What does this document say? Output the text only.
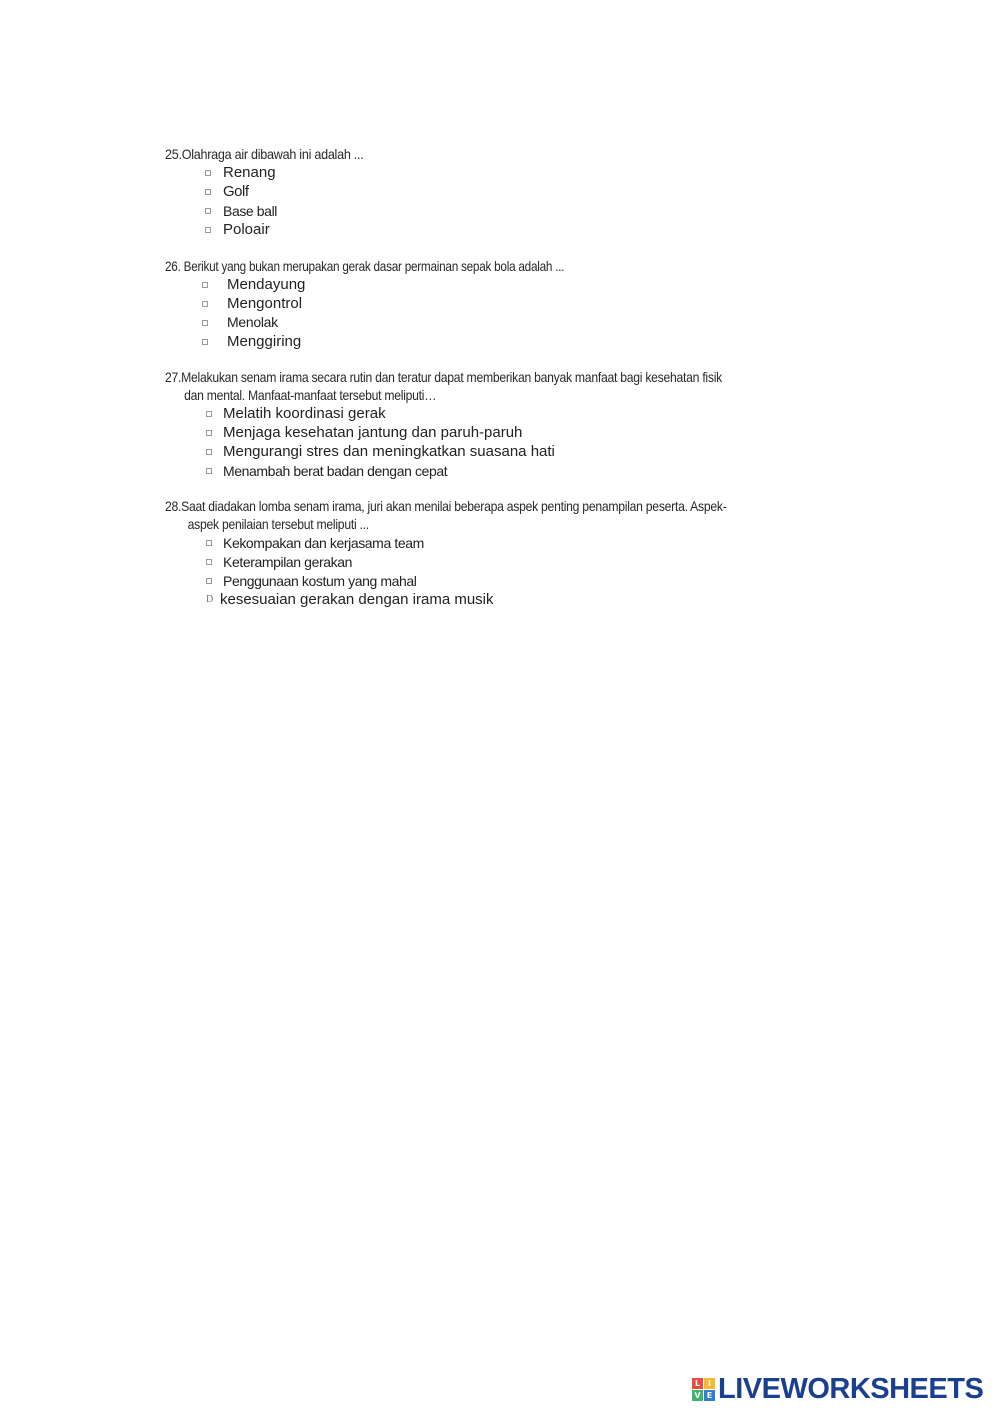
25.Olahraga air dibawah ini adalah ...
Renang
Golf
Base ball
Poloair
26. Berikut yang bukan merupakan gerak dasar permainan sepak bola adalah ...
Mendayung
Mengontrol
Menolak
Menggiring
27.Melakukan senam irama secara rutin dan teratur dapat memberikan banyak manfaat bagi kesehatan fisik
dan mental. Manfaat-manfaat tersebut meliputi…
Melatih koordinasi gerak
Menjaga kesehatan jantung dan paruh-paruh
Mengurangi stres dan meningkatkan suasana hati
Menambah berat badan dengan cepat
28.Saat diadakan lomba senam irama, juri akan menilai beberapa aspek penting penampilan peserta. Aspek-
aspek penilaian tersebut meliputi ...
Kekompakan dan kerjasama team
Keterampilan gerakan
Penggunaan kostum yang mahal
D kesesuaian gerakan dengan irama musik
L I
V E LIVEWORKSHEETS
